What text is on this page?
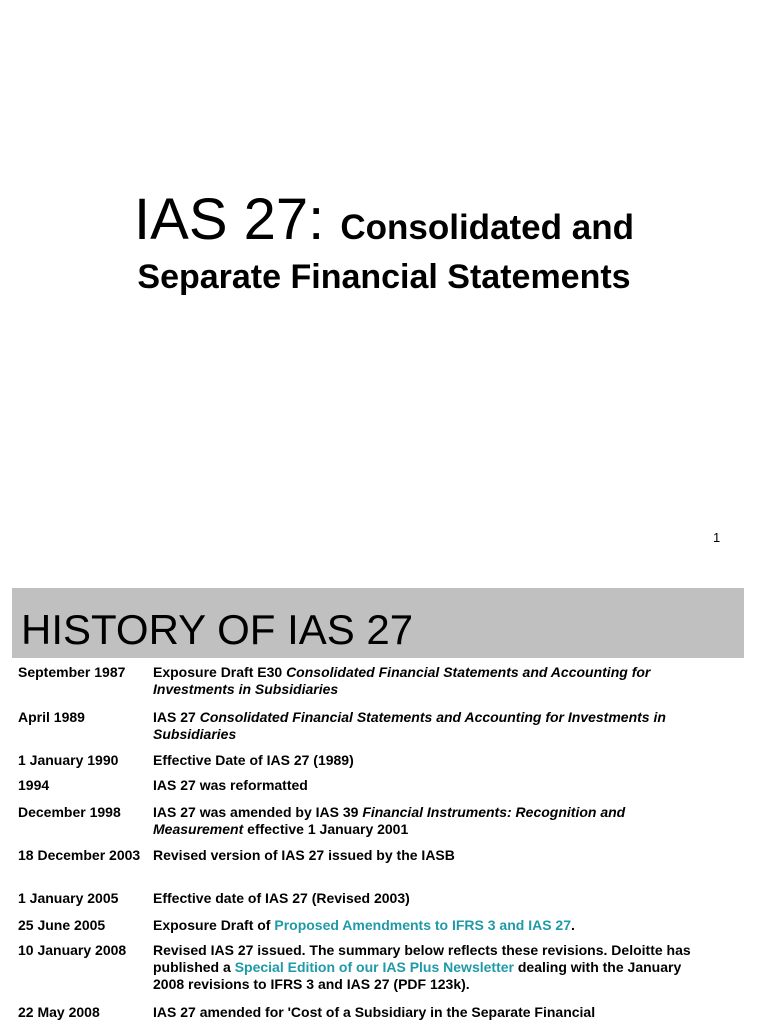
IAS 27: Consolidated and
Separate Financial Statements
1
HISTORY OF IAS 27
September 1987 Exposure Draft E30 Consolidated Financial Statements and Accounting for Investments in Subsidiaries
April 1989	IAS 27 Consolidated Financial Statements and Accounting for Investments in Subsidiaries
1 January 1990 Effective Date of IAS 27 (1989)
1994	IAS 27 was reformatted
December 1998 IAS 27 was amended by IAS 39 Financial Instruments: Recognition and Measurement effective 1 January 2001
18 December 2003 Revised version of IAS 27 issued by the IASB
1 January 2005 Effective date of IAS 27 (Revised 2003)
25 June 2005	Exposure Draft of Proposed Amendments to IFRS 3 and IAS 27.
10 January 2008 Revised IAS 27 issued. The summary below reflects these revisions. Deloitte has published a Special Edition of our IAS Plus Newsletter dealing with the January 2008 revisions to IFRS 3 and IAS 27 (PDF 123k).
22 May 2008	IAS 27 amended for 'Cost of a Subsidiary in the Separate Financial
